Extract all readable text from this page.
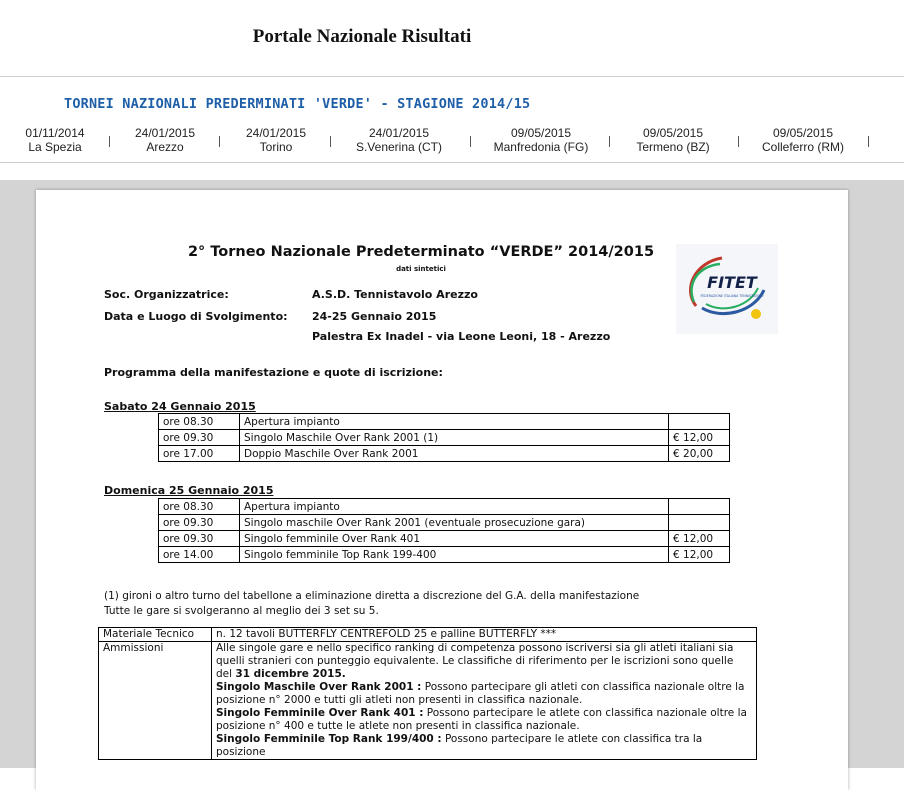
Portale Nazionale Risultati
TORNEI NAZIONALI PREDERMINATI 'VERDE' - STAGIONE 2014/15
01/11/2014
La Spezia
24/01/2015
Arezzo
24/01/2015
Torino
24/01/2015
S.Venerina (CT)
09/05/2015
Manfredonia (FG)
09/05/2015
Termeno (BZ)
09/05/2015
Colleferro (RM)
2° Torneo Nazionale Predeterminato “VERDE” 2014/2015
dati sintetici
FITET
FEDERAZIONE ITALIANA TENNISTAVOLO
Soc. Organizzatrice:	A.S.D. Tennistavolo Arezzo
Data e Luogo di Svolgimento: 24-25 Gennaio 2015
Palestra Ex Inadel - via Leone Leoni, 18 - Arezzo
Programma della manifestazione e quote di iscrizione:
Sabato 24 Gennaio 2015
ore 08.30	Apertura impianto	
ore 09.30	Singolo Maschile Over Rank 2001 (1)	€ 12,00
ore 17.00	Doppio Maschile Over Rank 2001	€ 20,00
Domenica 25 Gennaio 2015
ore 08.30	Apertura impianto	
ore 09.30	Singolo maschile Over Rank 2001 (eventuale prosecuzione gara)	
ore 09.30	Singolo femminile Over Rank 401	€ 12,00
ore 14.00	Singolo femminile Top Rank 199-400	€ 12,00
(1) gironi o altro turno del tabellone a eliminazione diretta a discrezione del G.A. della manifestazione
Tutte le gare si svolgeranno al meglio dei 3 set su 5.
Materiale Tecnico	n. 12 tavoli BUTTERFLY CENTREFOLD 25 e palline BUTTERFLY ***
Ammissioni	Alle singole gare e nello specifico ranking di competenza possono iscriversi sia gli atleti italiani sia quelli stranieri con punteggio equivalente. Le classifiche di riferimento per le iscrizioni sono quelle del 31 dicembre 2015.
Singolo Maschile Over Rank 2001 : Possono partecipare gli atleti con classifica nazionale oltre la posizione n° 2000 e tutti gli atleti non presenti in classifica nazionale.
Singolo Femminile Over Rank 401 : Possono partecipare le atlete con classifica nazionale oltre la posizione n° 400 e tutte le atlete non presenti in classifica nazionale.
Singolo Femminile Top Rank 199/400 : Possono partecipare le atlete con classifica tra la posizione
